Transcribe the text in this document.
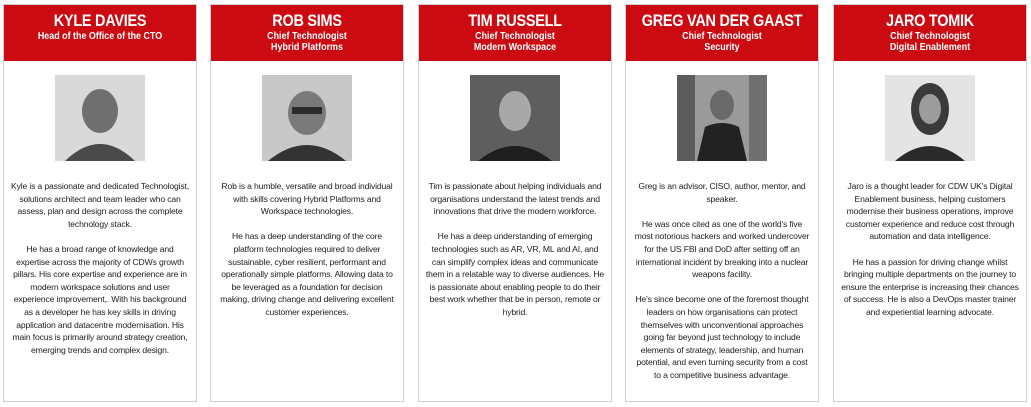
KYLE DAVIES
Head of the Office of the CTO

Kyle is a passionate and dedicated Technologist, solutions architect and team leader who can assess, plan and design across the complete technology stack.

He has a broad range of knowledge and expertise across the majority of CDWs growth pillars. His core expertise and experience are in modern workspace solutions and user experience improvement,. With his background as a developer he has key skills in driving application and datacentre modernisation. His main focus is primarily around strategy creation, emerging trends and complex design.

ROB SIMS
Chief Technologist
Hybrid Platforms

Rob is a humble, versatile and broad individual with skills covering Hybrid Platforms and Workspace technologies.

He has a deep understanding of the core platform technologies required to deliver sustainable, cyber resilient, performant and operationally simple platforms. Allowing data to be leveraged as a foundation for decision making, driving change and delivering excellent customer experiences.

TIM RUSSELL
Chief Technologist
Modern Workspace

Tim is passionate about helping individuals and organisations understand the latest trends and innovations that drive the modern workforce.

He has a deep understanding of emerging technologies such as AR, VR, ML and AI, and can simplify complex ideas and communicate them in a relatable way to diverse audiences. He is passionate about enabling people to do their best work whether that be in person, remote or hybrid.

GREG VAN DER GAAST
Chief Technologist
Security

Greg is an advisor, CISO, author, mentor, and speaker.

He was once cited as one of the world's five most notorious hackers and worked undercover for the US FBI and DoD after setting off an international incident by breaking into a nuclear weapons facility.

He's since become one of the foremost thought leaders on how organisations can protect themselves with unconventional approaches going far beyond just technology to include elements of strategy, leadership, and human potential, and even turning security from a cost to a competitive business advantage.

JARO TOMIK
Chief Technologist
Digital Enablement

Jaro is a thought leader for CDW UK's Digital Enablement business, helping customers modernise their business operations, improve customer experience and reduce cost through automation and data intelligence.

He has a passion for driving change whilst bringing multiple departments on the journey to ensure the enterprise is increasing their chances of success. He is also a DevOps master trainer and experiential learning advocate.
